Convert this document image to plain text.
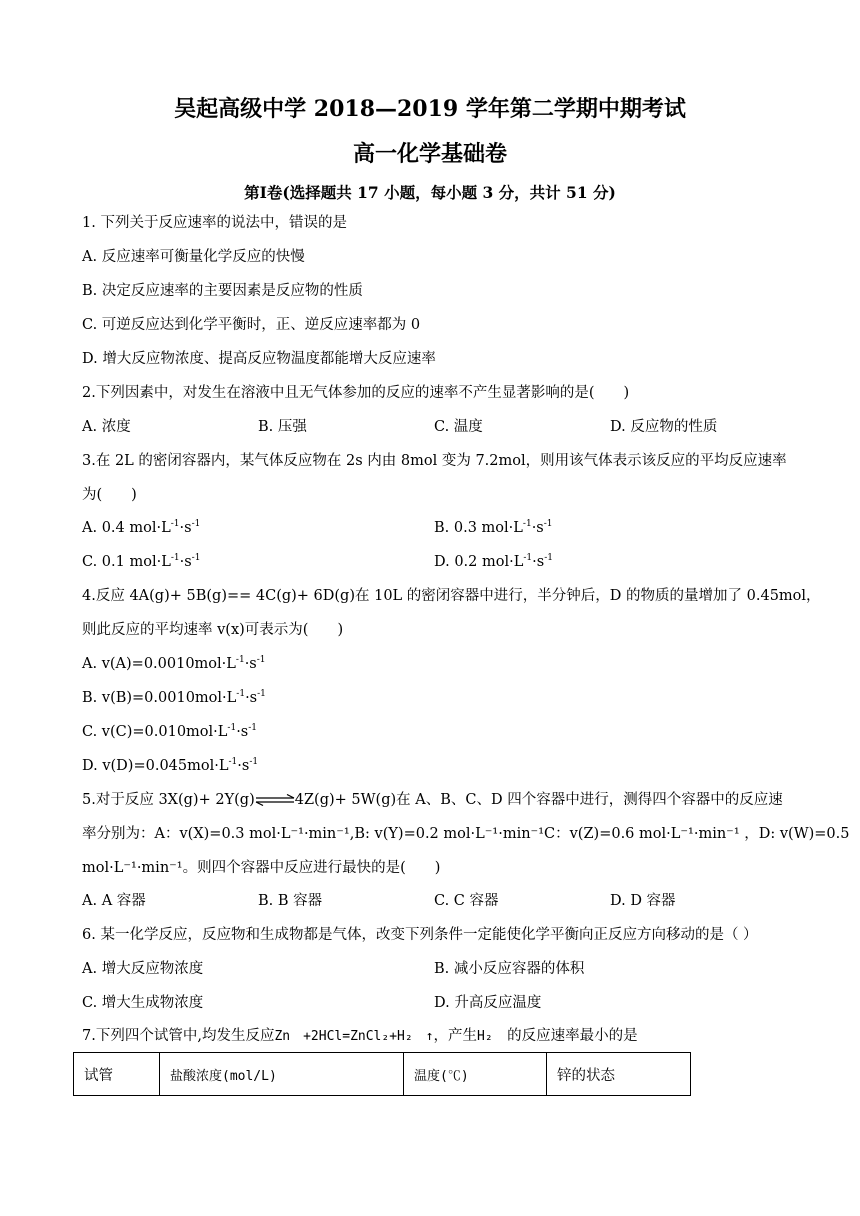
吴起高级中学 2018—2019 学年第二学期中期考试
高一化学基础卷
第Ⅰ卷(选择题共 17 小题，每小题 3 分，共计 51 分)
1. 下列关于反应速率的说法中，错误的是
A. 反应速率可衡量化学反应的快慢
B. 决定反应速率的主要因素是反应物的性质
C. 可逆反应达到化学平衡时，正、逆反应速率都为 0
D. 增大反应物浓度、提高反应物温度都能增大反应速率
2.下列因素中，对发生在溶液中且无气体参加的反应的速率不产生显著影响的是(　　)
A. 浓度	B. 压强	C. 温度	D. 反应物的性质
3.在 2L 的密闭容器内，某气体反应物在 2s 内由 8mol 变为 7.2mol，则用该气体表示该反应的平均反应速率
为(　　)
A. 0.4 $mol\cdot L^{-1}\cdot s^{-1}$	B. 0.3 $mol\cdot L^{-1}\cdot s^{-1}$
C. 0.1 $mol\cdot L^{-1}\cdot s^{-1}$	D. 0.2 $mol\cdot L^{-1}\cdot s^{-1}$
4.反应 4A(g)+ 5B(g)== 4C(g)+ 6D(g)在 10L 的密闭容器中进行，半分钟后，D 的物质的量增加了 0.45mol，
则此反应的平均速率 v(x)可表示为(　　)
A. $v(A)=0.0010mol\cdot L^{-1}\cdot s^{-1}$
B. $v(B)=0.0010mol\cdot L^{-1}\cdot s^{-1}$
C. $v(C)=0.010mol\cdot L^{-1}\cdot s^{-1}$
D. $v(D)=0.045mol\cdot L^{-1}\cdot s^{-1}$
5.对于反应 3X(g)+ 2Y(g)⇌4Z(g)+ 5W(g)在 A、B、C、D 四个容器中进行，测得四个容器中的反应速
率分别为：A：v(X)=0.3 mol·L⁻¹·min⁻¹,B: v(Y)=0.2 mol·L⁻¹·min⁻¹C：v(Z)=0.6 mol·L⁻¹·min⁻¹ ，D: v(W)=0.5
mol·L⁻¹·min⁻¹。则四个容器中反应进行最快的是(　　)
A. A 容器	B. B 容器	C. C 容器	D. D 容器
6. 某一化学反应，反应物和生成物都是气体，改变下列条件一定能使化学平衡向正反应方向移动的是（ ）
A. 增大反应物浓度	B. 减小反应容器的体积
C. 增大生成物浓度	D. 升高反应温度
7.下列四个试管中,均发生反应Zn　+2HCl=ZnCl₂+H₂　↑，产生H₂　 的反应速率最小的是
试管	盐酸浓度(mol/L)	温度(℃)	锌的状态
